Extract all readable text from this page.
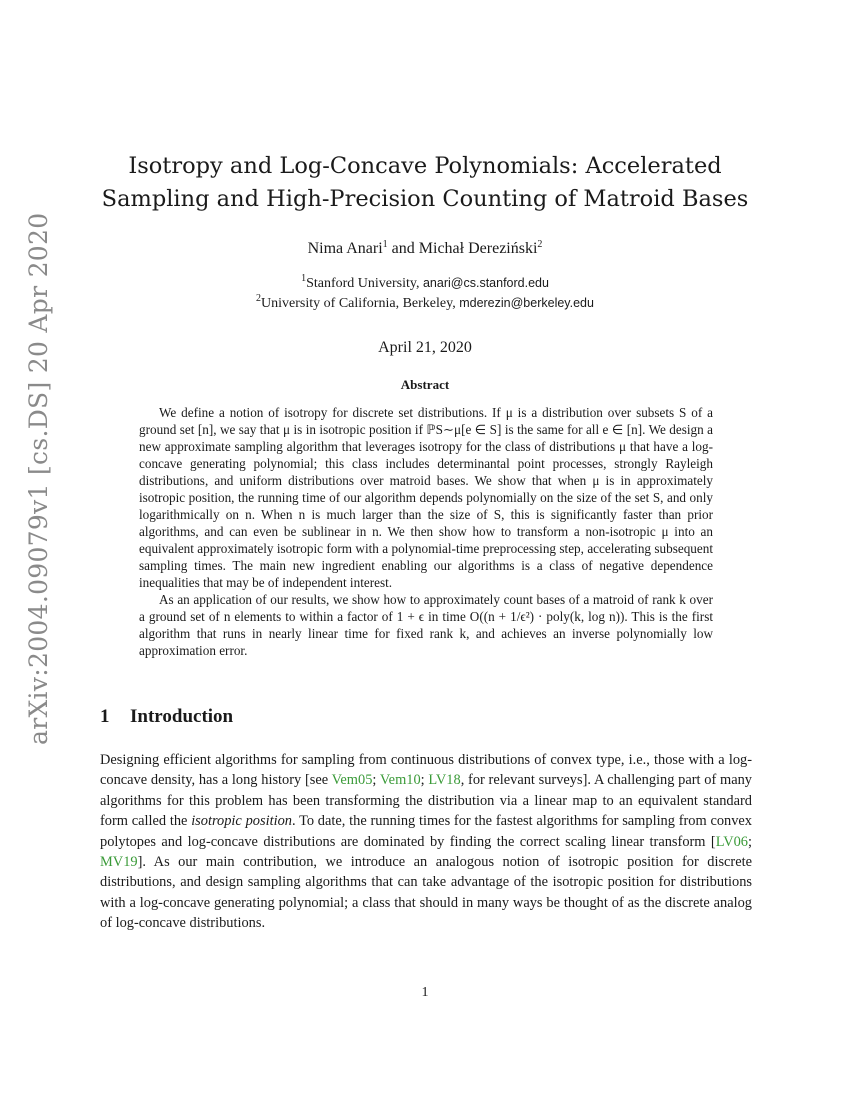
arXiv:2004.09079v1 [cs.DS] 20 Apr 2020
Isotropy and Log-Concave Polynomials: Accelerated
Sampling and High-Precision Counting of Matroid Bases
Nima Anari$^1$ and Michał Dereziński$^2$
$^1$Stanford University, anari@cs.stanford.edu
$^2$University of California, Berkeley, mderezin@berkeley.edu
April 21, 2020
Abstract

We define a notion of isotropy for discrete set distributions. If μ is a distribution over subsets S of a ground set [n], we say that μ is in isotropic position if ℙS∼μ[e ∈ S] is the same for all e ∈ [n]. We design a new approximate sampling algorithm that leverages isotropy for the class of distributions μ that have a log-concave generating polynomial; this class includes determinantal point processes, strongly Rayleigh distributions, and uniform distributions over matroid bases. We show that when μ is in approximately isotropic position, the running time of our algorithm depends polynomially on the size of the set S, and only logarithmically on n. When n is much larger than the size of S, this is significantly faster than prior algorithms, and can even be sublinear in n. We then show how to transform a non-isotropic μ into an equivalent approximately isotropic form with a polynomial-time preprocessing step, accelerating subsequent sampling times. The main new ingredient enabling our algorithms is a class of negative dependence inequalities that may be of independent interest.

As an application of our results, we show how to approximately count bases of a matroid of rank k over a ground set of n elements to within a factor of 1 + ϵ in time O((n + 1/ϵ²) · poly(k, log n)). This is the first algorithm that runs in nearly linear time for fixed rank k, and achieves an inverse polynomially low approximation error.

1 Introduction

Designing efficient algorithms for sampling from continuous distributions of convex type, i.e., those with a log-concave density, has a long history [see Vem05; Vem10; LV18, for relevant surveys]. A challenging part of many algorithms for this problem has been transforming the distribution via a linear map to an equivalent standard form called the isotropic position. To date, the running times for the fastest algorithms for sampling from convex polytopes and log-concave distributions are dominated by finding the correct scaling linear transform [LV06; MV19]. As our main contribution, we introduce an analogous notion of isotropic position for discrete distributions, and design sampling algorithms that can take advantage of the isotropic position for distributions with a log-concave generating polynomial; a class that should in many ways be thought of as the discrete analog of log-concave distributions.

1
